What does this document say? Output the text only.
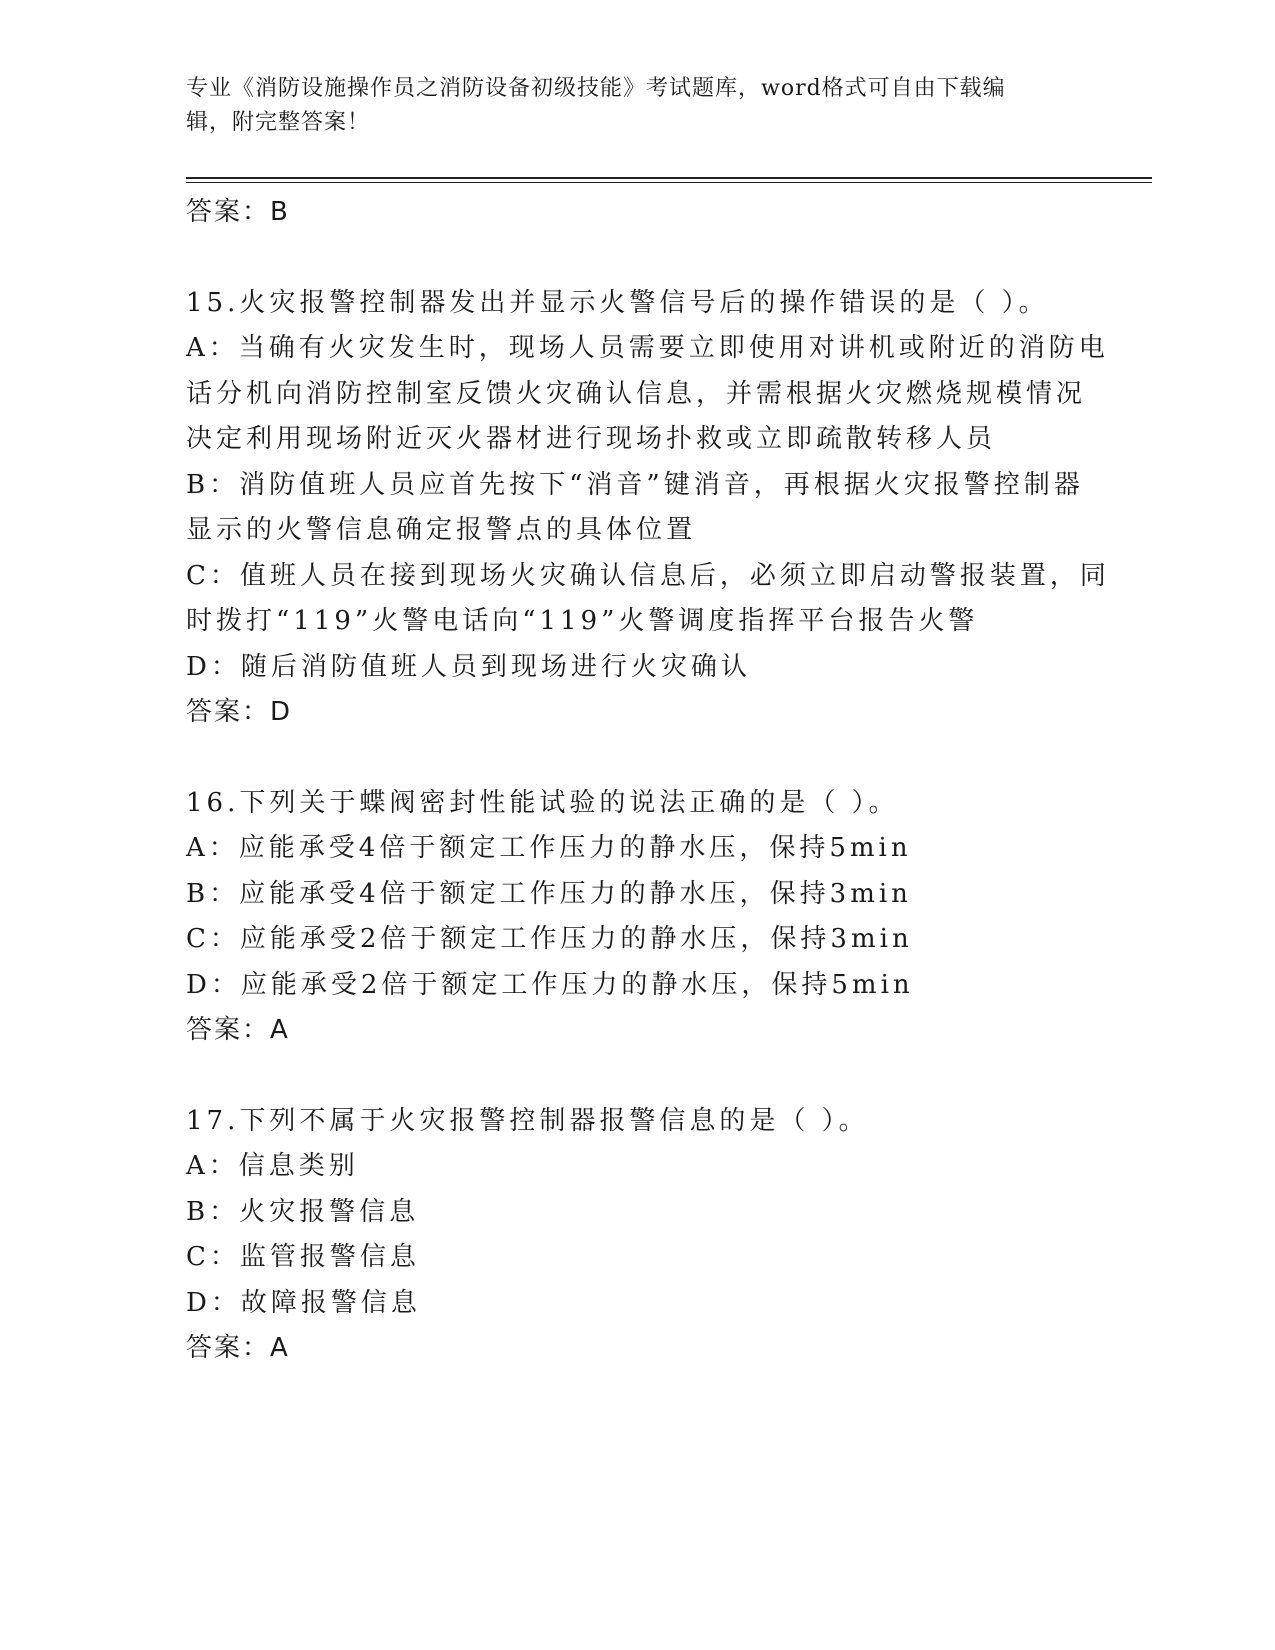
专业《消防设施操作员之消防设备初级技能》考试题库，word格式可自由下载编
辑，附完整答案！
答案：B
15.火灾报警控制器发出并显示火警信号后的操作错误的是（ ）。
A：当确有火灾发生时，现场人员需要立即使用对讲机或附近的消防电
话分机向消防控制室反馈火灾确认信息，并需根据火灾燃烧规模情况
决定利用现场附近灭火器材进行现场扑救或立即疏散转移人员
B：消防值班人员应首先按下“消音”键消音，再根据火灾报警控制器
显示的火警信息确定报警点的具体位置
C：值班人员在接到现场火灾确认信息后，必须立即启动警报装置，同
时拨打“119”火警电话向“119”火警调度指挥平台报告火警
D：随后消防值班人员到现场进行火灾确认
答案：D
16.下列关于蝶阀密封性能试验的说法正确的是（ ）。
A：应能承受4倍于额定工作压力的静水压，保持5min
B：应能承受4倍于额定工作压力的静水压，保持3min
C：应能承受2倍于额定工作压力的静水压，保持3min
D：应能承受2倍于额定工作压力的静水压，保持5min
答案：A
17.下列不属于火灾报警控制器报警信息的是（ ）。
A：信息类别
B：火灾报警信息
C：监管报警信息
D：故障报警信息
答案：A
